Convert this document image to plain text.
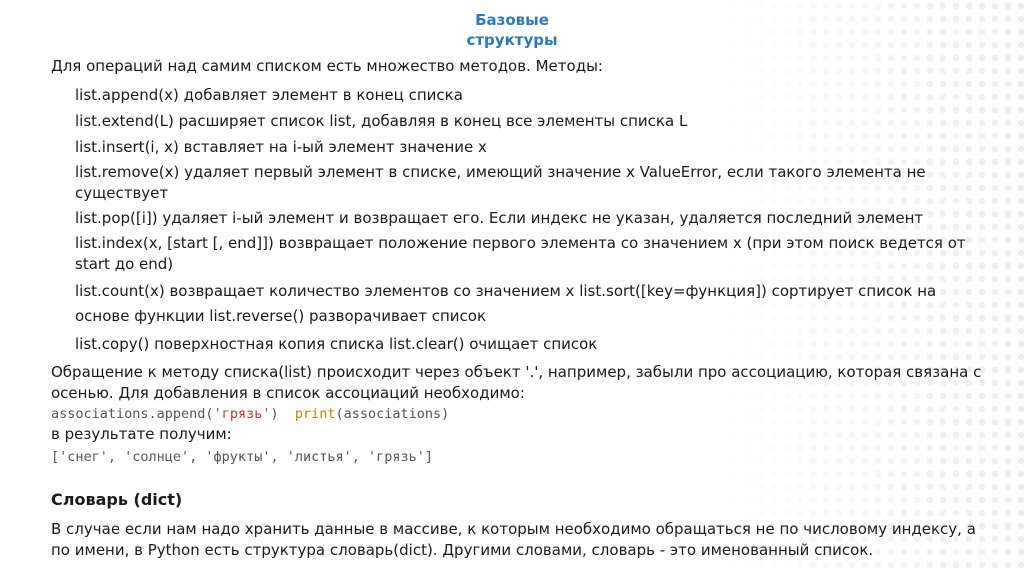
Базовые
структуры
Для операций над самим списком есть множество методов. Методы:
list.append(x) добавляет элемент в конец списка
list.extend(L) расширяет список list, добавляя в конец все элементы списка L
list.insert(i, x) вставляет на i-ый элемент значение x
list.remove(x) удаляет первый элемент в списке, имеющий значение x ValueError, если такого элемента не
существует
list.pop([i]) удаляет i-ый элемент и возвращает его. Если индекс не указан, удаляется последний элемент
list.index(x, [start [, end]]) возвращает положение первого элемента со значением x (при этом поиск ведется от
start до end)
list.count(x) возвращает количество элементов со значением x list.sort([key=функция]) сортирует список на
основе функции list.reverse() разворачивает список
list.copy() поверхностная копия списка list.clear() очищает список
Обращение к методу списка(list) происходит через объект '.', например, забыли про ассоциацию, которая связана с
осенью. Для добавления в список ассоциаций необходимо:
associations.append('грязь')  print(associations)
в результате получим:
['снег', 'солнце', 'фрукты', 'листья', 'грязь']
Словарь (dict)
В случае если нам надо хранить данные в массиве, к которым необходимо обращаться не по числовому индексу, а
по имени, в Python есть структура словарь(dict). Другими словами, словарь - это именованный список.
